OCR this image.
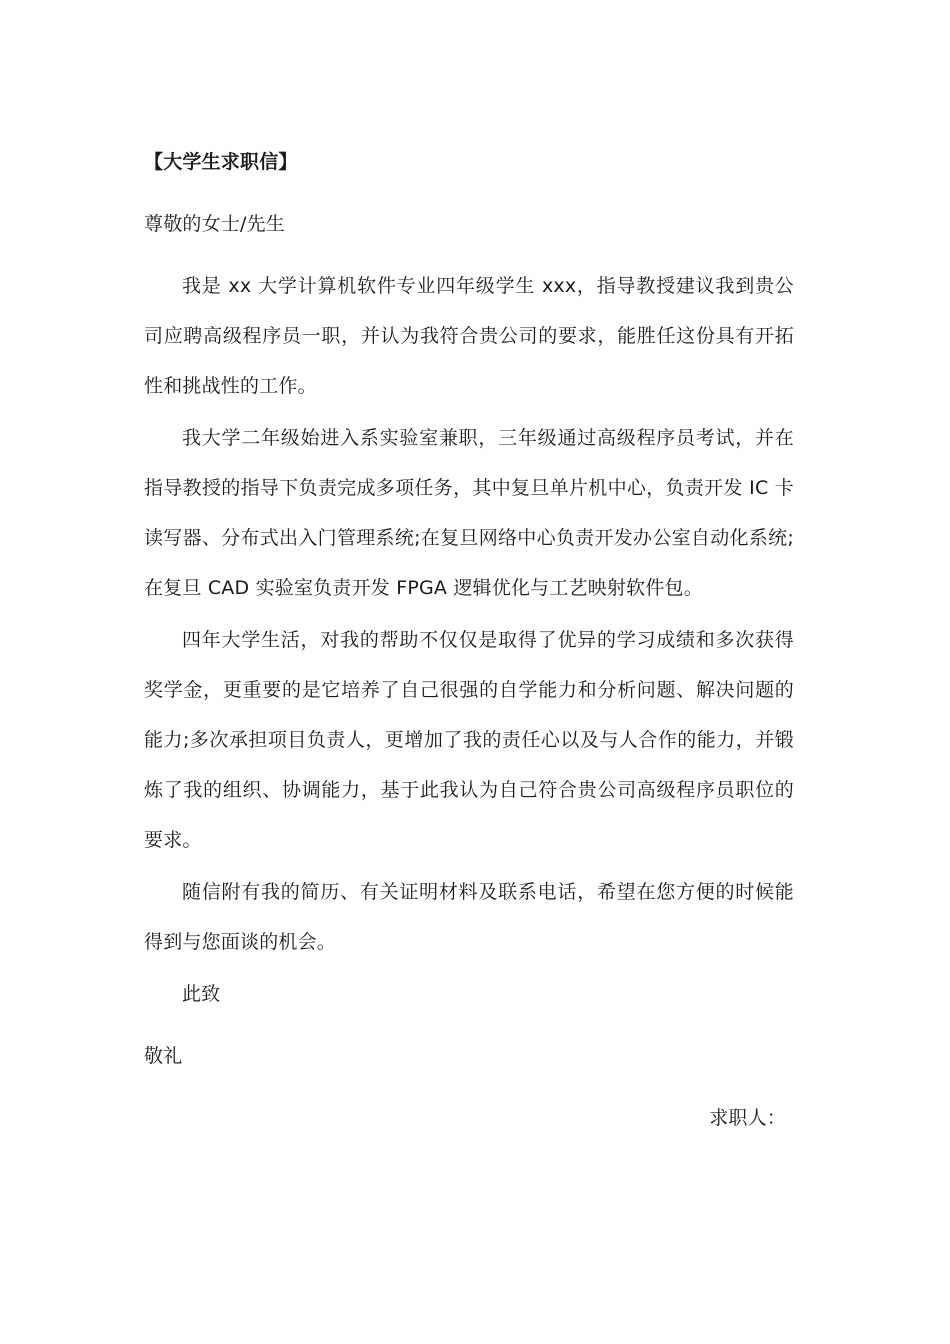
【大学生求职信】
尊敬的女士/先生

我是 xx 大学计算机软件专业四年级学生 xxx，指导教授建议我到贵公司应聘高级程序员一职，并认为我符合贵公司的要求，能胜任这份具有开拓性和挑战性的工作。

我大学二年级始进入系实验室兼职，三年级通过高级程序员考试，并在指导教授的指导下负责完成多项任务，其中复旦单片机中心，负责开发 IC 卡读写器、分布式出入门管理系统;在复旦网络中心负责开发办公室自动化系统;在复旦 CAD 实验室负责开发 FPGA 逻辑优化与工艺映射软件包。

四年大学生活，对我的帮助不仅仅是取得了优异的学习成绩和多次获得奖学金，更重要的是它培养了自己很强的自学能力和分析问题、解决问题的能力;多次承担项目负责人，更增加了我的责任心以及与人合作的能力，并锻炼了我的组织、协调能力，基于此我认为自己符合贵公司高级程序员职位的要求。

随信附有我的简历、有关证明材料及联系电话，希望在您方便的时候能得到与您面谈的机会。

此致
敬礼
求职人：
